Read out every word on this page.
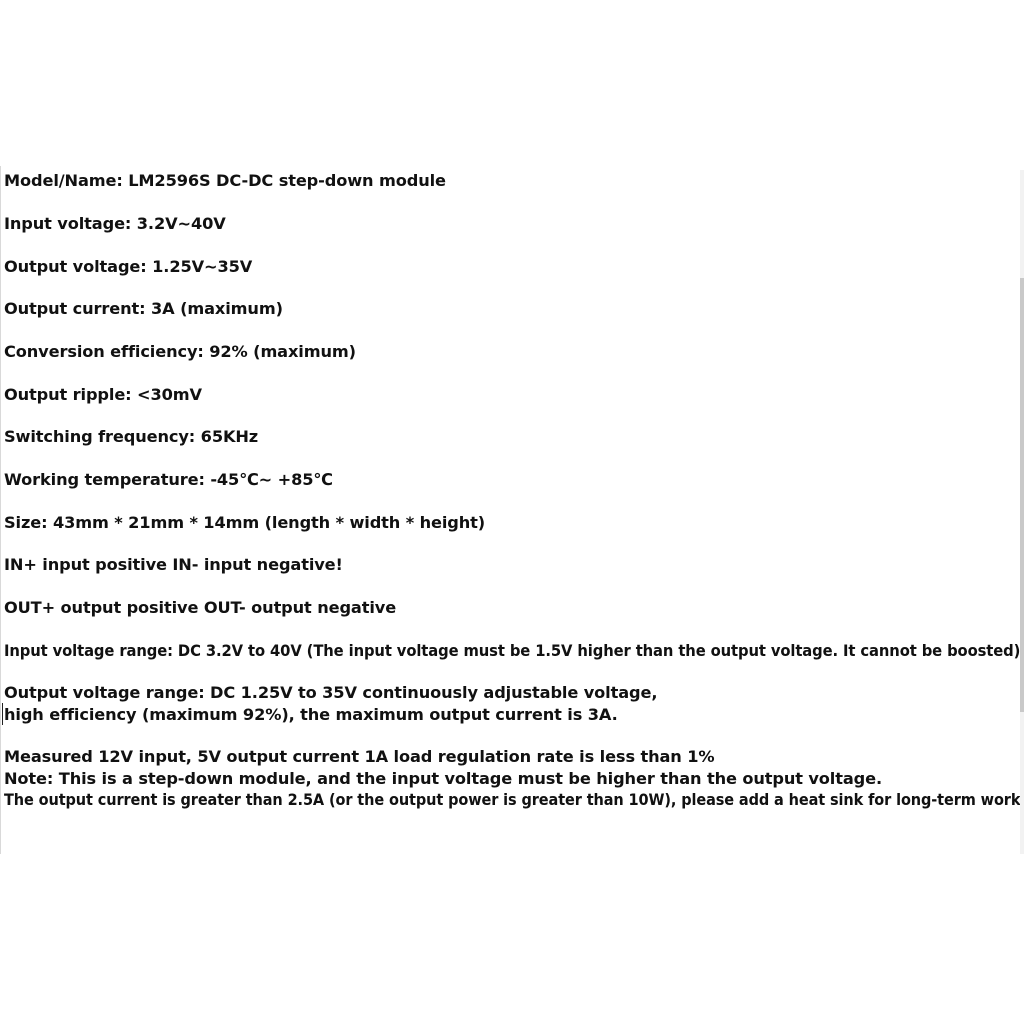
Model/Name: LM2596S DC-DC step-down module

Input voltage: 3.2V~40V

Output voltage: 1.25V~35V

Output current: 3A (maximum)

Conversion efficiency: 92% (maximum)

Output ripple: <30mV

Switching frequency: 65KHz

Working temperature: -45℃~ +85℃

Size: 43mm * 21mm * 14mm (length * width * height)

IN+ input positive IN- input negative!

OUT+ output positive OUT- output negative

Input voltage range: DC 3.2V to 40V (The input voltage must be 1.5V higher than the output voltage. It cannot be boosted)

Output voltage range: DC 1.25V to 35V continuously adjustable voltage,

high efficiency (maximum 92%), the maximum output current is 3A.

Measured 12V input, 5V output current 1A load regulation rate is less than 1%

Note: This is a step-down module, and the input voltage must be higher than the output voltage.

The output current is greater than 2.5A (or the output power is greater than 10W), please add a heat sink for long-term work
